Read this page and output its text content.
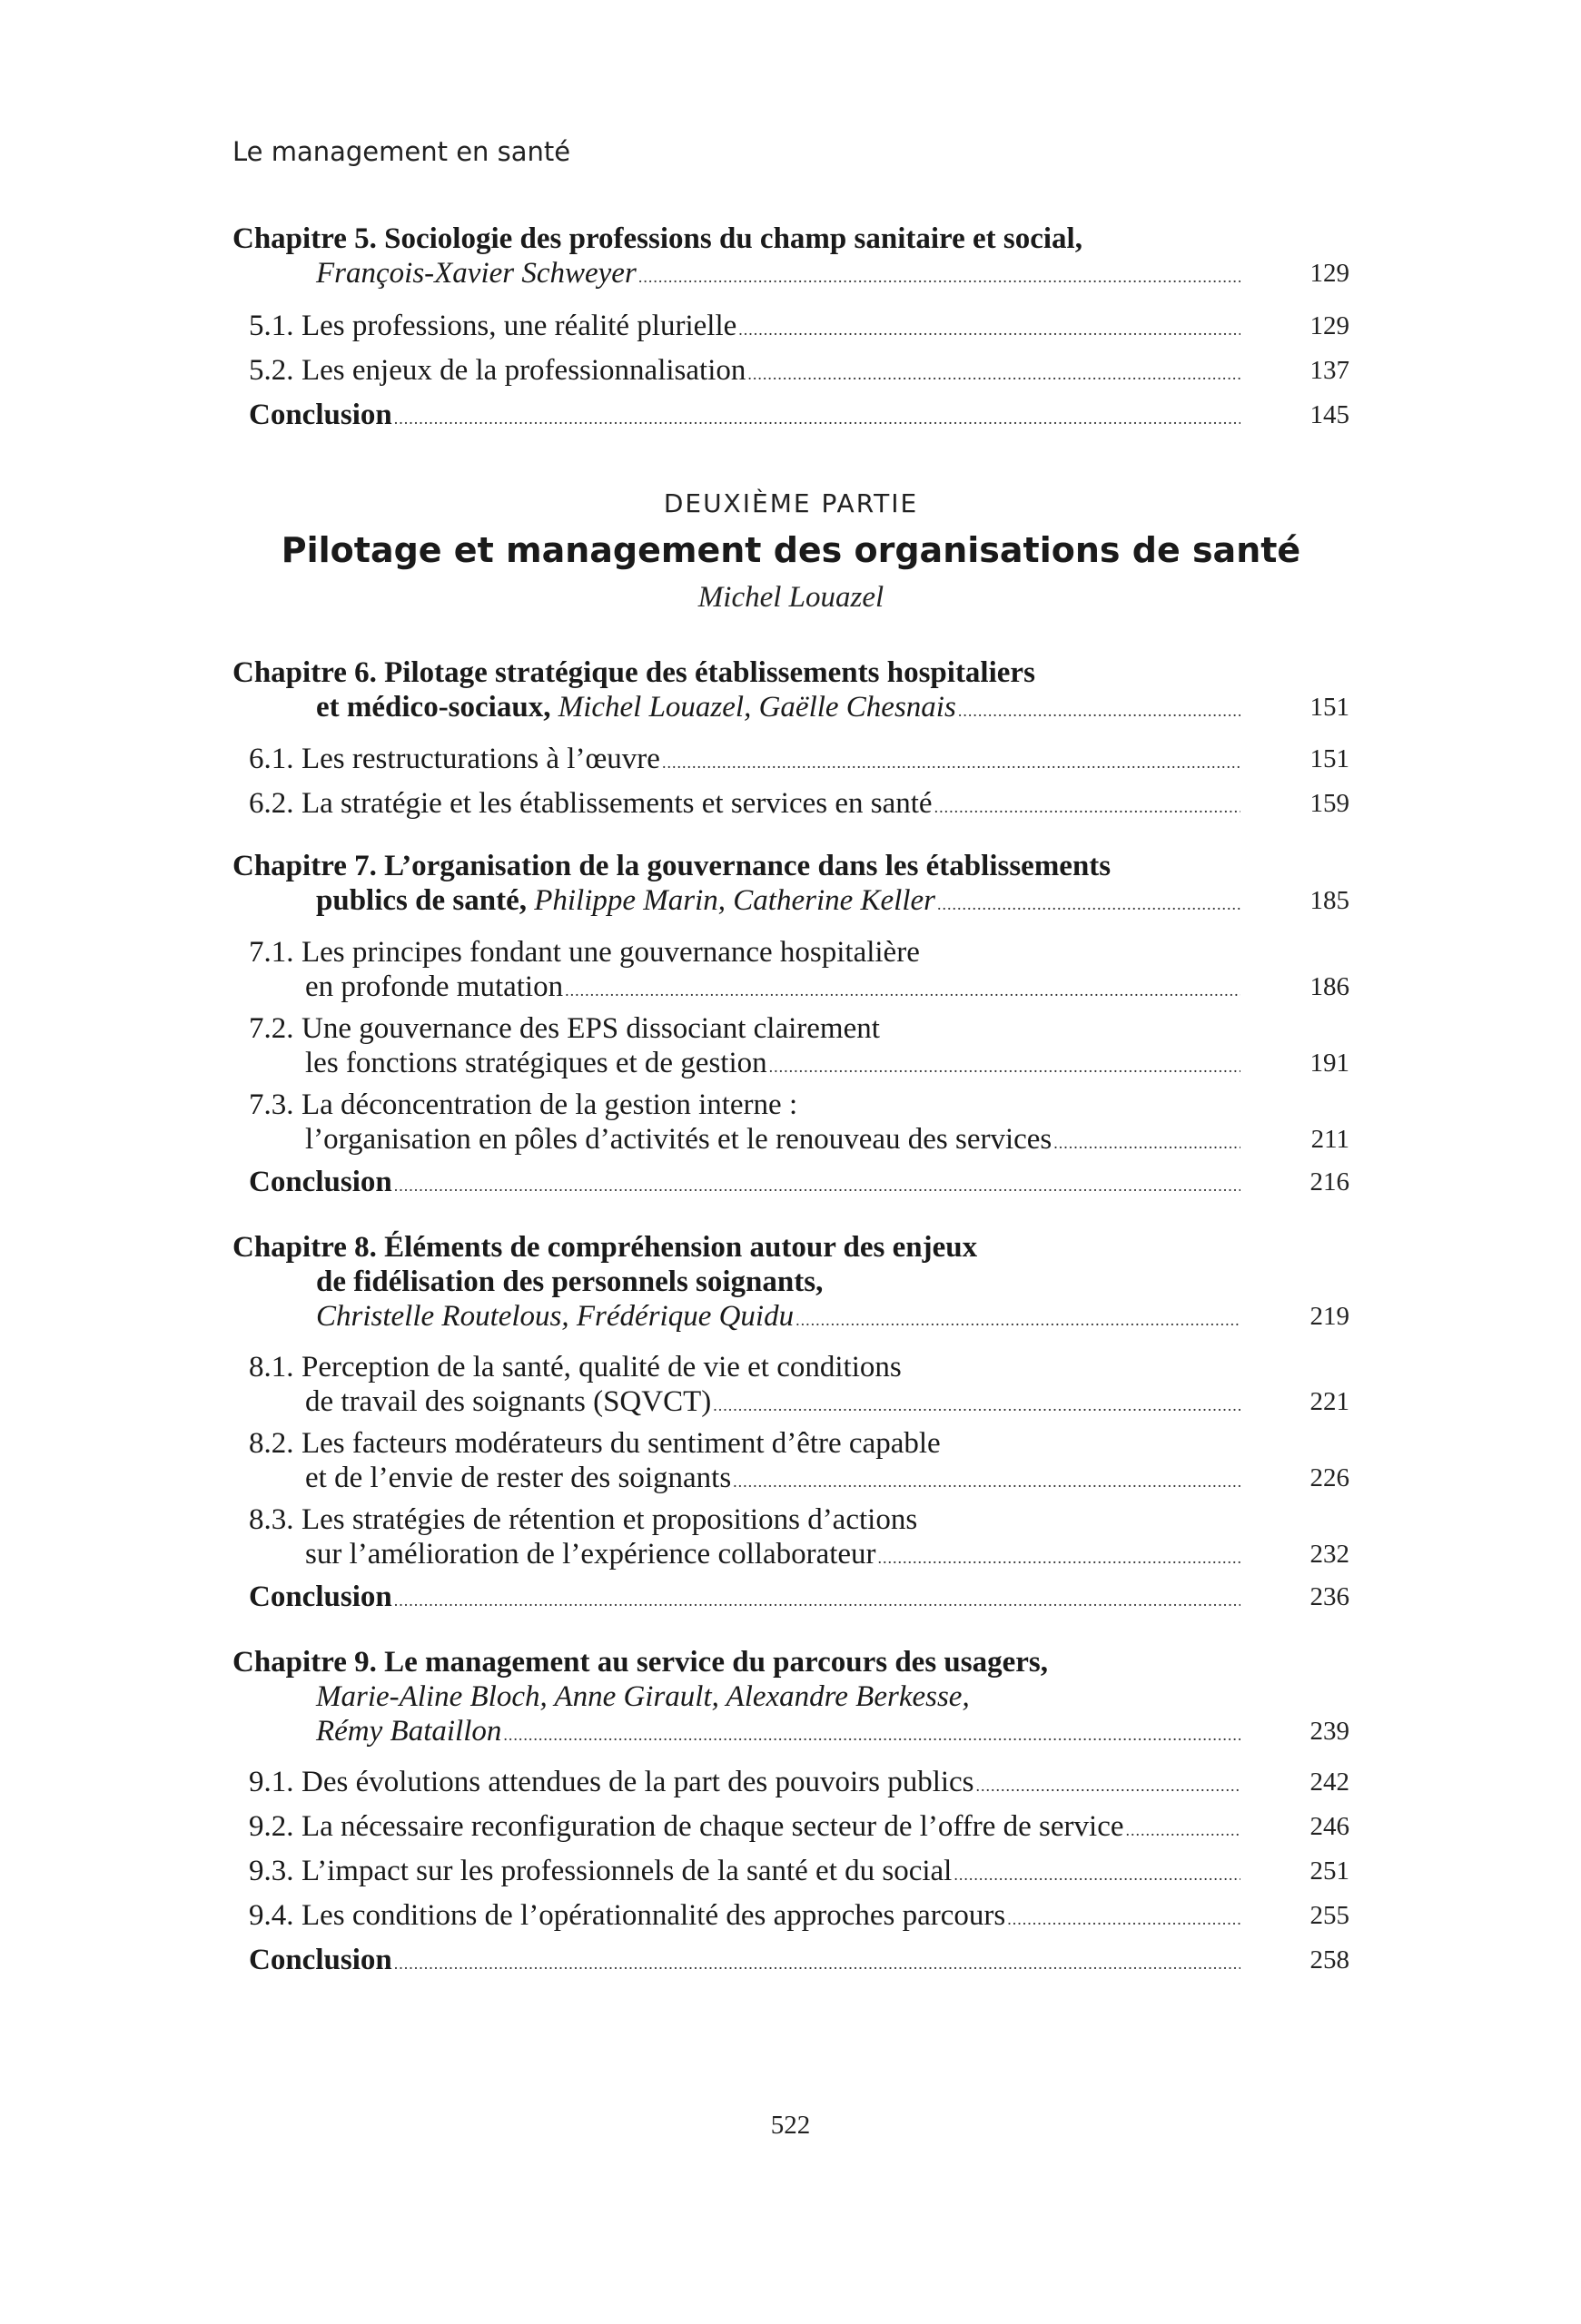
Le management en santé
Chapitre 5. Sociologie des professions du champ sanitaire et social,
François-Xavier Schweyer .....	129
5.1. Les professions, une réalité plurielle .....	129
5.2. Les enjeux de la professionnalisation .....	137
Conclusion .....	145
DEUXIÈME PARTIE
Pilotage et management des organisations de santé
Michel Louazel
Chapitre 6. Pilotage stratégique des établissements hospitaliers
et médico-sociaux, Michel Louazel, Gaëlle Chesnais .....	151
6.1. Les restructurations à l’œuvre .....	151
6.2. La stratégie et les établissements et services en santé .....	159
Chapitre 7. L’organisation de la gouvernance dans les établissements
publics de santé, Philippe Marin, Catherine Keller .....	185
7.1. Les principes fondant une gouvernance hospitalière
en profonde mutation .....	186
7.2. Une gouvernance des EPS dissociant clairement
les fonctions stratégiques et de gestion .....	191
7.3. La déconcentration de la gestion interne :
l’organisation en pôles d’activités et le renouveau des services .....	211
Conclusion .....	216
Chapitre 8. Éléments de compréhension autour des enjeux
de fidélisation des personnels soignants,
Christelle Routelous, Frédérique Quidu .....	219
8.1. Perception de la santé, qualité de vie et conditions
de travail des soignants (SQVCT) .....	221
8.2. Les facteurs modérateurs du sentiment d’être capable
et de l’envie de rester des soignants .....	226
8.3. Les stratégies de rétention et propositions d’actions
sur l’amélioration de l’expérience collaborateur .....	232
Conclusion .....	236
Chapitre 9. Le management au service du parcours des usagers,
Marie-Aline Bloch, Anne Girault, Alexandre Berkesse,
Rémy Bataillon .....	239
9.1. Des évolutions attendues de la part des pouvoirs publics .....	242
9.2. La nécessaire reconfiguration de chaque secteur de l’offre de service .....	246
9.3. L’impact sur les professionnels de la santé et du social .....	251
9.4. Les conditions de l’opérationnalité des approches parcours .....	255
Conclusion .....	258
522
